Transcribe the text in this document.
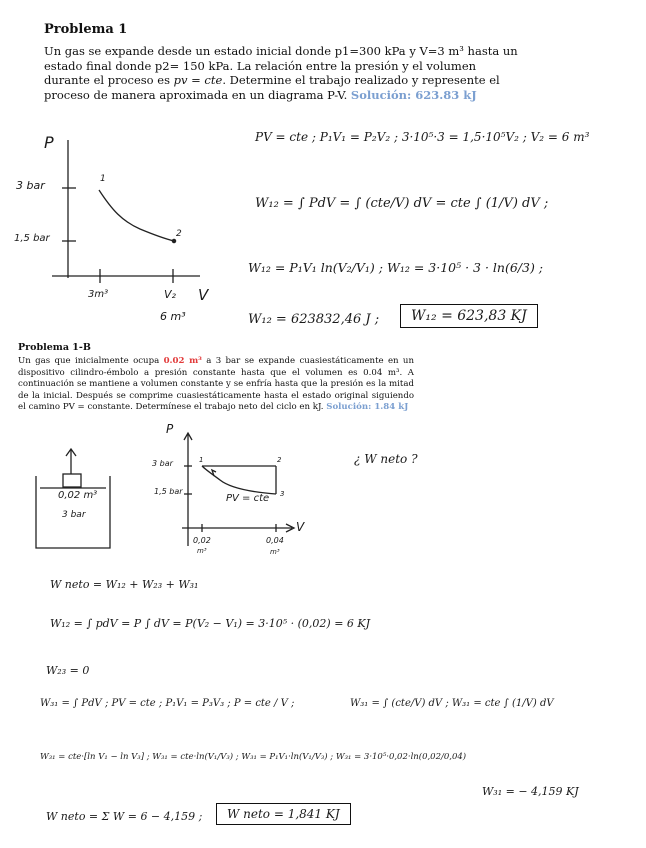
Problema 1
Un gas se expande desde un estado inicial donde p1=300 kPa y V=3 m³ hasta un estado final donde p2= 150 kPa. La relación entre la presión y el volumen durante el proceso es pv = cte. Determine el trabajo realizado y represente el proceso de manera aproximada en un diagrama P-V. Solución: 623.83 kJ
P
V
3 bar
1,5 bar
3m³	V₂
6 m³
1
2
PV = cte ; P₁V₁ = P₂V₂ ; 3·10⁵·3 = 1,5·10⁵V₂ ; V₂ = 6 m³
W₁₂ = ∫ PdV = ∫ (cte/V) dV = cte ∫ (1/V) dV ;
W₁₂ = P₁V₁ ln(V₂/V₁) ; W₁₂ = 3·10⁵ · 3 · ln(6/3) ;
W₁₂ = 623832,46 J ;	W₁₂ = 623,83 KJ
Problema 1-B
Un gas que inicialmente ocupa 0.02 m³ a 3 bar se expande cuasiestáticamente en un dispositivo cilindro-émbolo a presión constante hasta que el volumen es 0.04 m³. A continuación se mantiene a volumen constante y se enfría hasta que la presión es la mitad de la inicial. Después se comprime cuasiestáticamente hasta el estado original siguiendo el camino PV = constante. Determínese el trabajo neto del ciclo en kJ. Solución: 1.84 kJ
0,02 m³
3 bar
P
V
3 bar
1,5 bar
0,02
m³
0,04
m³
1	2
3
PV = cte
¿ W neto ?
W neto = W₁₂ + W₂₃ + W₃₁
W₁₂ = ∫ pdV = P ∫ dV = P(V₂ − V₁) = 3·10⁵ · (0,02) = 6 KJ
W₂₃ = 0
W₃₁ = ∫ PdV ; PV = cte ; P₁V₁ = P₃V₃ ; P = cte / V ;	W₃₁ = ∫ (cte/V) dV ; W₃₁ = cte ∫ (1/V) dV
W₃₁ = cte·[ln V₁ − ln V₃] ; W₃₁ = cte·ln(V₁/V₃) ; W₃₁ = P₁V₁·ln(V₁/V₃) ; W₃₁ = 3·10⁵·0,02·ln(0,02/0,04)
W₃₁ = − 4,159 KJ
W neto = Σ W = 6 − 4,159 ;	W neto = 1,841 KJ
